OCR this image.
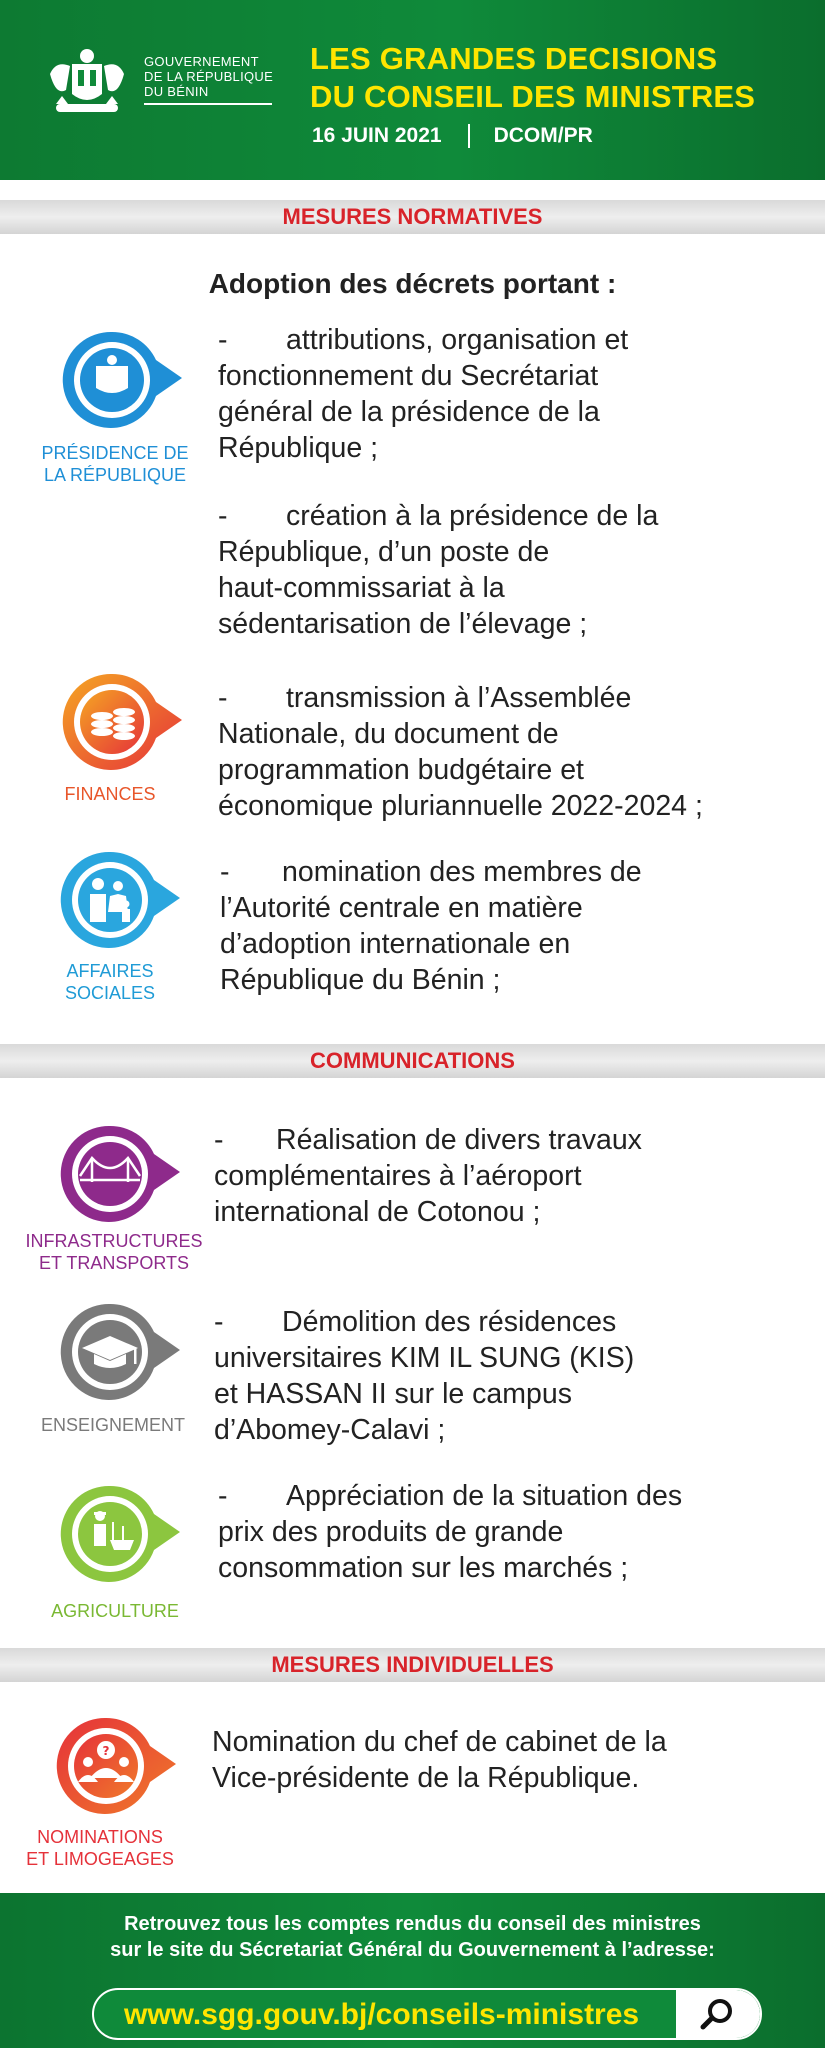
GOUVERNEMENT
DE LA RÉPUBLIQUE
DU BÉNIN
LES GRANDES DECISIONS
DU CONSEIL DES MINISTRES
16 JUIN 2021 DCOM/PR
MESURES NORMATIVES
Adoption des décrets portant :
PRÉSIDENCE DE
LA RÉPUBLIQUE
- attributions, organisation et
fonctionnement du Secrétariat
général de la présidence de la
République ;
- création à la présidence de la
République, d’un poste de
haut-commissariat à la
sédentarisation de l’élevage ;
FINANCES
- transmission à l’Assemblée
Nationale, du document de
programmation budgétaire et
économique pluriannuelle 2022-2024 ;
AFFAIRES
SOCIALES
- nomination des membres de
l’Autorité centrale en matière
d’adoption internationale en
République du Bénin ;
COMMUNICATIONS
INFRASTRUCTURES
ET TRANSPORTS
- Réalisation de divers travaux
complémentaires à l’aéroport
international de Cotonou ;
ENSEIGNEMENT
- Démolition des résidences
universitaires KIM IL SUNG (KIS)
et HASSAN II sur le campus
d’Abomey-Calavi ;
AGRICULTURE
- Appréciation de la situation des
prix des produits de grande
consommation sur les marchés ;
MESURES INDIVIDUELLES
?
NOMINATIONS
ET LIMOGEAGES
Nomination du chef de cabinet de la
Vice-présidente de la République.
Retrouvez tous les comptes rendus du conseil des ministres
sur le site du Sécretariat Général du Gouvernement à l’adresse:
www.sgg.gouv.bj/conseils-ministres
